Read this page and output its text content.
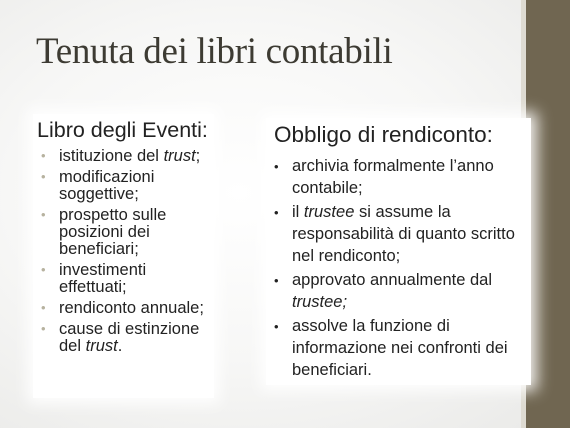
Tenuta dei libri contabili
Libro degli Eventi:
• istituzione del trust;
• modificazioni soggettive;
• prospetto sulle posizioni dei beneficiari;
• investimenti effettuati;
• rendiconto annuale;
• cause di estinzione del trust.
Obbligo di rendiconto:
• archivia formalmente l’anno contabile;
• il trustee si assume la responsabilità di quanto scritto nel rendiconto;
• approvato annualmente dal trustee;
• assolve la funzione di informazione nei confronti dei beneficiari.
